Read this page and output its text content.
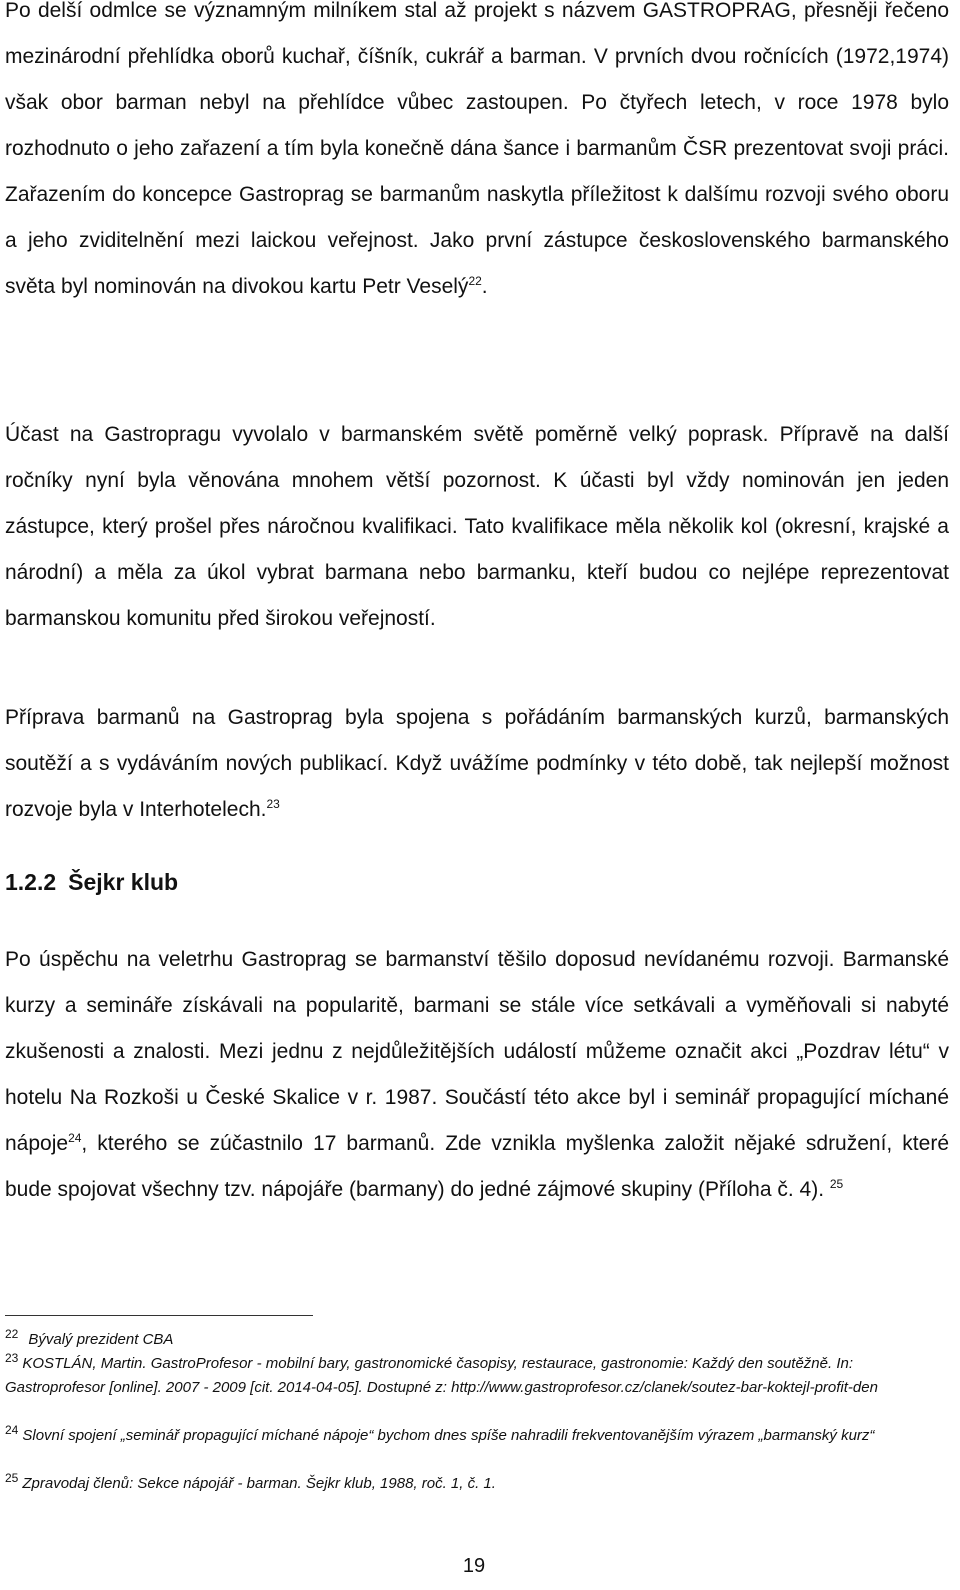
Po delší odmlce se významným milníkem stal až projekt s názvem GASTROPRAG, přesněji řečeno mezinárodní přehlídka oborů kuchař, číšník, cukrář a barman. V prvních dvou ročnících (1972,1974) však obor barman nebyl na přehlídce vůbec zastoupen. Po čtyřech letech, v roce 1978 bylo rozhodnuto o jeho zařazení a tím byla konečně dána šance i barmanům ČSR prezentovat svoji práci. Zařazením do koncepce Gastroprag se barmanům naskytla příležitost k dalšímu rozvoji svého oboru a jeho zviditelnění mezi laickou veřejnost. Jako první zástupce československého barmanského světa byl nominován na divokou kartu Petr Veselý$^{22}$.

Účast na Gastropragu vyvolalo v barmanském světě poměrně velký poprask. Přípravě na další ročníky nyní byla věnována mnohem větší pozornost. K účasti byl vždy nominován jen jeden zástupce, který prošel přes náročnou kvalifikaci. Tato kvalifikace měla několik kol (okresní, krajské a národní) a měla za úkol vybrat barmana nebo barmanku, kteří budou co nejlépe reprezentovat barmanskou komunitu před širokou veřejností.

Příprava barmanů na Gastroprag byla spojena s pořádáním barmanských kurzů, barmanských soutěží a s vydáváním nových publikací. Když uvážíme podmínky v této době, tak nejlepší možnost rozvoje byla v Interhotelech.$^{23}$

1.2.2 Šejkr klub

Po úspěchu na veletrhu Gastroprag se barmanství těšilo doposud nevídanému rozvoji. Barmanské kurzy a semináře získávali na popularitě, barmani se stále více setkávali a vyměňovali si nabyté zkušenosti a znalosti. Mezi jednu z nejdůležitějších událostí můžeme označit akci „Pozdrav létu“ v hotelu Na Rozkoši u České Skalice v r. 1987. Součástí této akce byl i seminář propagující míchané nápoje$^{24}$, kterého se zúčastnilo 17 barmanů. Zde vznikla myšlenka založit nějaké sdružení, které bude spojovat všechny tzv. nápojáře (barmany) do jedné zájmové skupiny (Příloha č. 4). $^{25}$

$^{22}$ Bývalý prezident CBA

$^{23}$ KOSTLÁN, Martin. GastroProfesor - mobilní bary, gastronomické časopisy, restaurace, gastronomie: Každý den soutěžně. In: Gastroprofesor [online]. 2007 - 2009 [cit. 2014-04-05]. Dostupné z: http://www.gastroprofesor.cz/clanek/soutez-bar-koktejl-profit-den

$^{24}$ Slovní spojení „seminář propagující míchané nápoje“ bychom dnes spíše nahradili frekventovanějším výrazem „barmanský kurz“

$^{25}$ Zpravodaj členů: Sekce nápojář - barman. Šejkr klub, 1988, roč. 1, č. 1.

19
